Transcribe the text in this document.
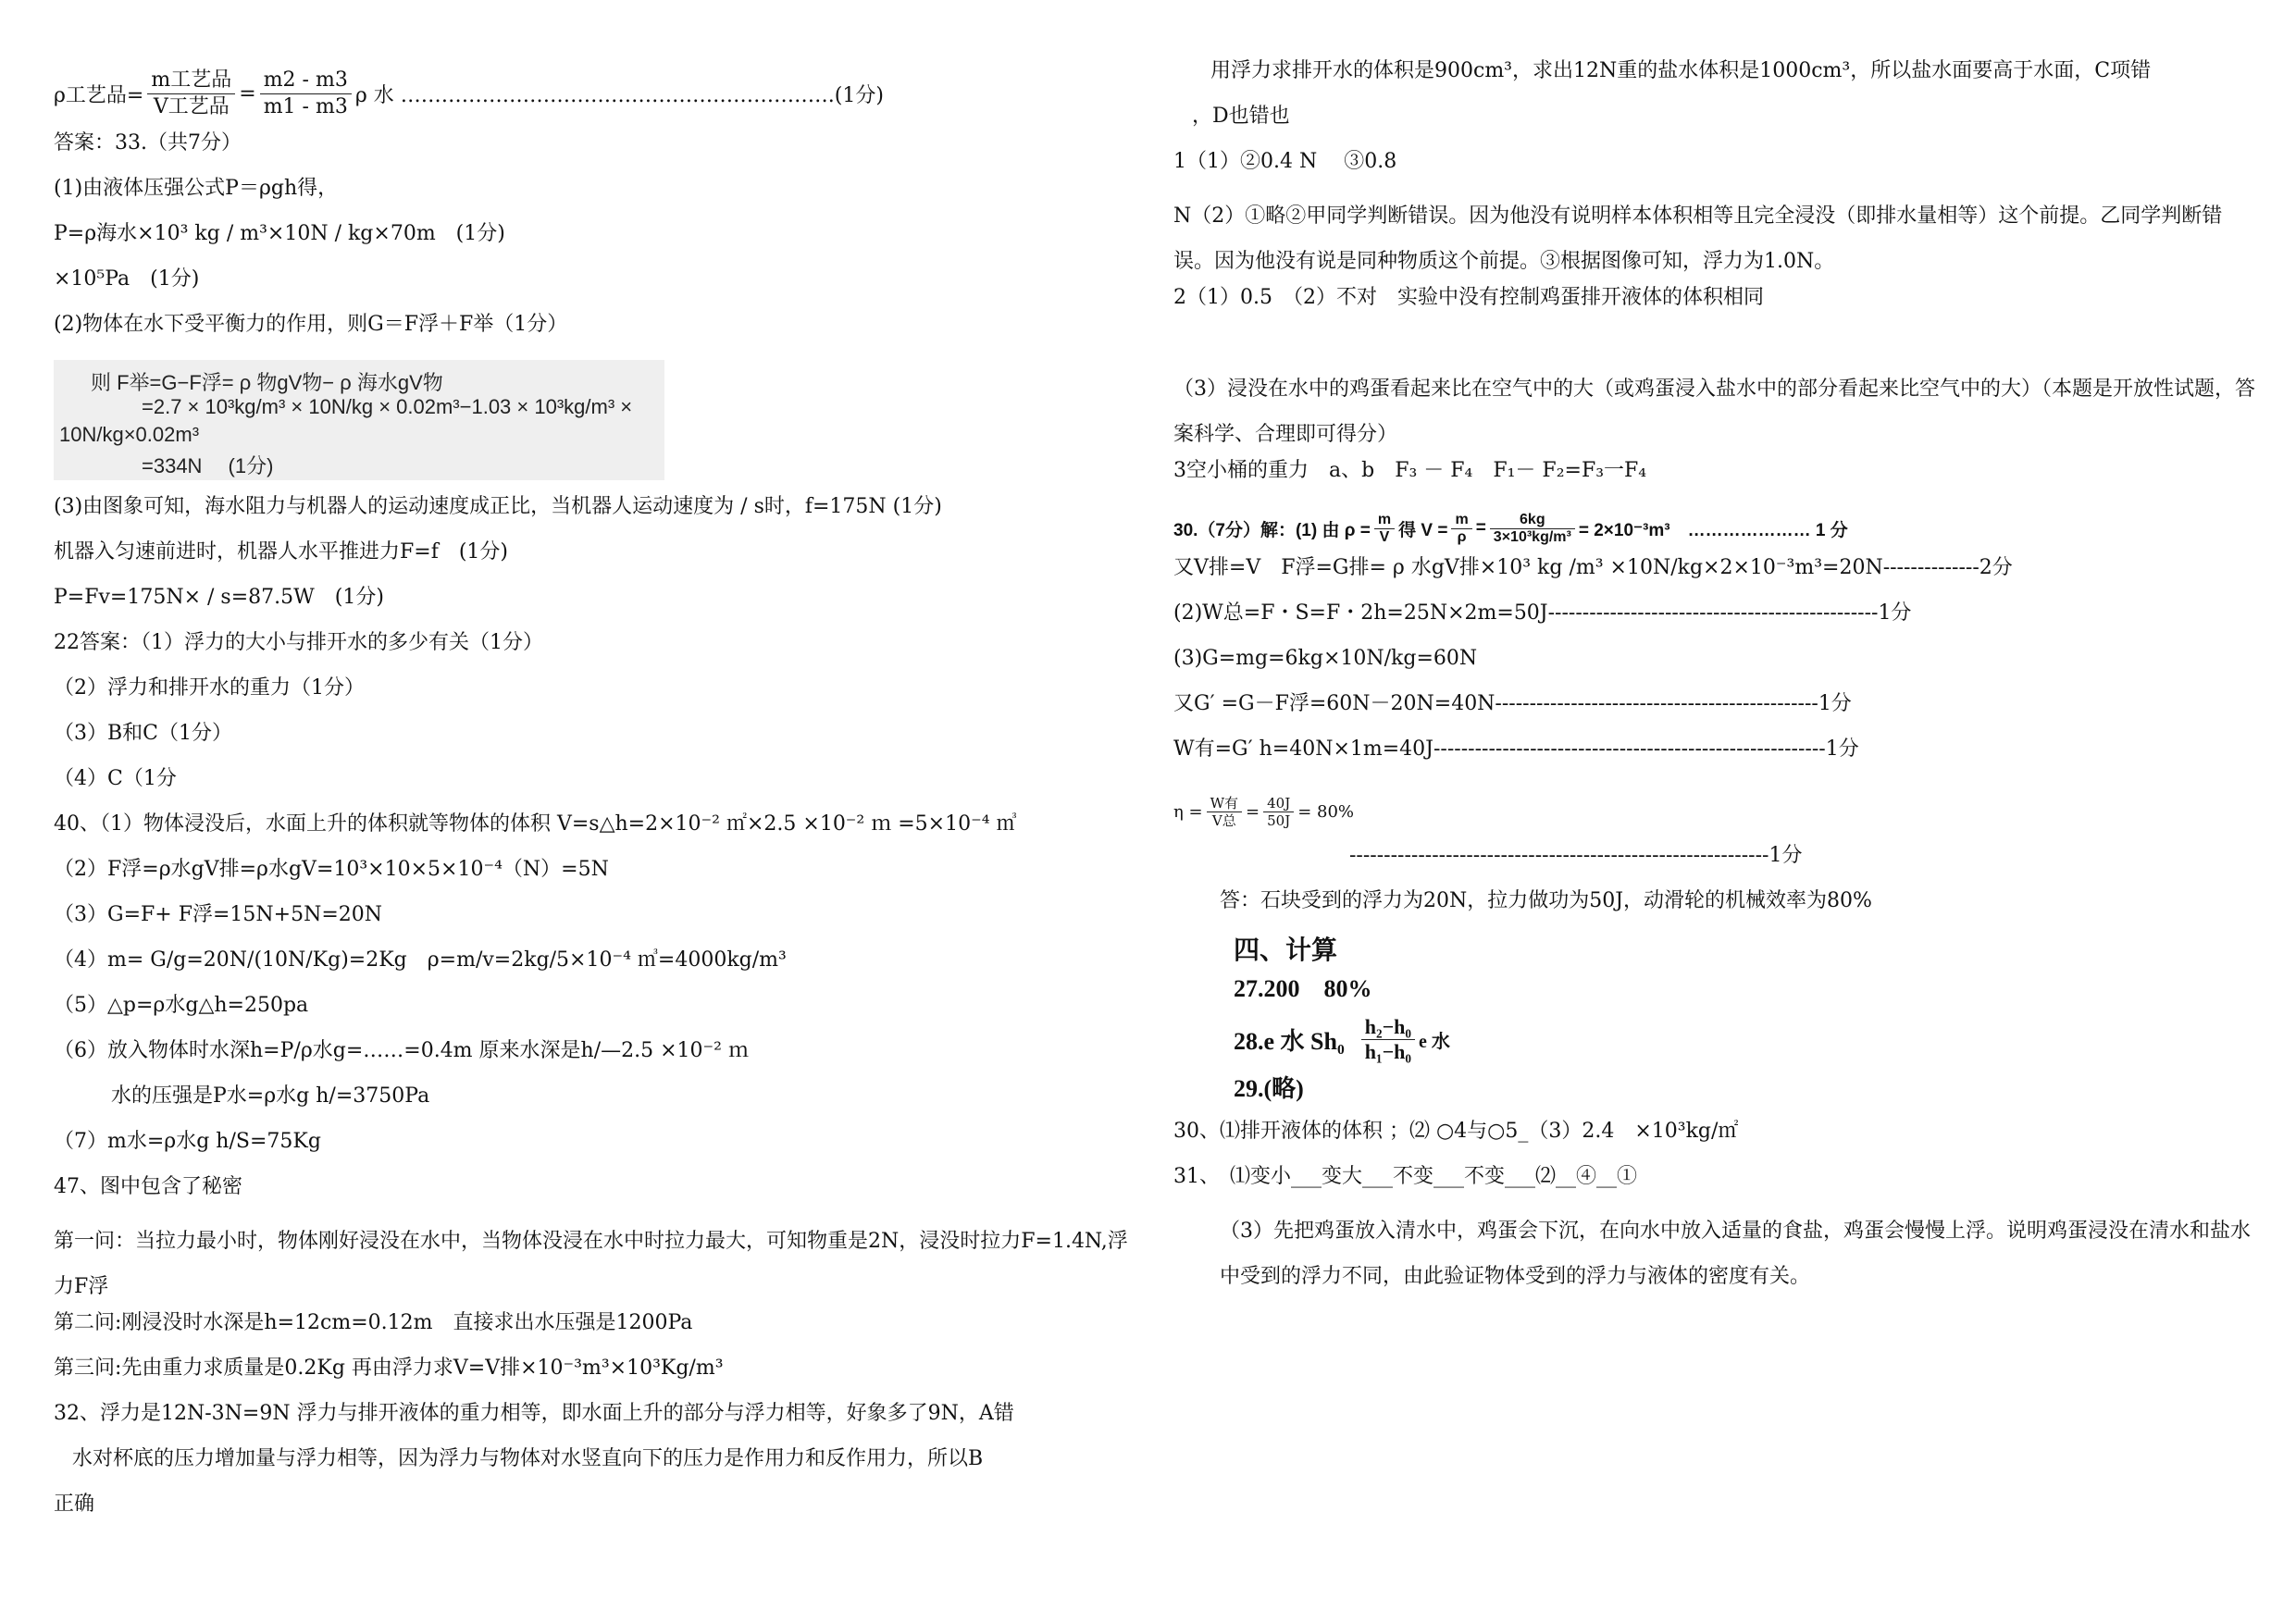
ρ工艺品= $\frac{\text{m工艺品}}{\text{V工艺品}} = \frac{m2 - m3}{m1 - m3}$ ρ 水 ……………………………………………………….(1分)
答案：33.（共7分）
(1)由液体压强公式P＝ρgh得，
P=ρ海水×10³ kg / m³×10N / kg×70m　(1分)
×10⁵Pa　(1分)
(2)物体在水下受平衡力的作用，则G＝F浮＋F举（1分）
则 F举=G−F浮= ρ 物gV物− ρ 海水gV物
=2.7 × 10³kg/m³ × 10N/kg × 0.02m³−1.03 × 10³kg/m³ ×
10N/kg×0.02m³
=334N　 (1分)
(3)由图象可知，海水阻力与机器人的运动速度成正比，当机器人运动速度为 / s时，f=175N (1分)
机器入匀速前进时，机器人水平推进力F=f　(1分)
P=Fv=175N× / s=87.5W　(1分)
22答案：（1）浮力的大小与排开水的多少有关（1分）
（2）浮力和排开水的重力（1分）
（3）B和C（1分）
（4）C（1分
40、（1）物体浸没后，水面上升的体积就等物体的体积 V=s△h=2×10⁻² ㎡×2.5 ×10⁻² ｍ =5×10⁻⁴ ㎥
（2）F浮=ρ水gV排=ρ水gV=10³×10×5×10⁻⁴（N）=5N
（3）G=F+ F浮=15N+5N=20N
（4）m= G/g=20N/(10N/Kg)=2Kg　ρ=m/v=2kg/5×10⁻⁴ ㎥=4000kg/m³
（5）△p=ρ水g△h=250pa
（6）放入物体时水深h=P/ρ水g=……=0.4m 原来水深是h/—2.5 ×10⁻² ｍ
水的压强是P水=ρ水g h/=3750Pa
（7）m水=ρ水g h/S=75Kg
47、图中包含了秘密
第一问：当拉力最小时，物体刚好浸没在水中，当物体没浸在水中时拉力最大，可知物重是2N，浸没时拉力F=1.4N,浮力F浮
第二问:刚浸没时水深是h=12cm=0.12m　直接求出水压强是1200Pa
第三问:先由重力求质量是0.2Kg 再由浮力求V=V排×10⁻³m³×10³Kg/m³
32、浮力是12N-3N=9N 浮力与排开液体的重力相等，即水面上升的部分与浮力相等，好象多了9N，A错
水对杯底的压力增加量与浮力相等，因为浮力与物体对水竖直向下的压力是作用力和反作用力，所以B
正确
用浮力求排开水的体积是900cm³，求出12N重的盐水体积是1000cm³，所以盐水面要高于水面，C项错
，D也错也
1（1）②0.4 N　 ③0.8
N（2）①略②甲同学判断错误。因为他没有说明样本体积相等且完全浸没（即排水量相等）这个前提。乙同学判断错误。因为他没有说是同种物质这个前提。③根据图像可知，浮力为1.0N。
2（1）0.5　（2）不对　实验中没有控制鸡蛋排开液体的体积相同
（3）浸没在水中的鸡蛋看起来比在空气中的大（或鸡蛋浸入盐水中的部分看起来比空气中的大）（本题是开放性试题，答案科学、合理即可得分）
3空小桶的重力　a、b　F₃ － F₄　F₁－ F₂=F₃一F₄
30.（7分）解：(1) 由 $\rho = \frac{m}{V}$ 得 $V = \frac{m}{\rho} = \frac{6kg}{\text{3×10³kg/m³}} = 2\times 10^{-3}m^3$　………………… 1 分
又V排=V　F浮=G排= ρ 水gV排×10³ kg /m³ ×10N/kg×2×10⁻³m³=20N--------------2分
(2)W总=F・S=F・2h=25N×2m=50J------------------------------------------------1分
(3)G=mg=6kg×10N/kg=60N
又G′ =G－F浮=60N－20N=40N-----------------------------------------------1分
W有=G′ h=40N×1m=40J---------------------------------------------------------1分
$\eta = \frac{\text{W有}}{\text{V总}} = \frac{40J}{50J} = 80\%$
-------------------------------------------------------------1分
答：石块受到的浮力为20N，拉力做功为50J，动滑轮的机械效率为80%
四、计算
27.200　80%
28.e 水 $Sh_0 \frac{\text{h₂−h₀}}{\text{h₁−h₀}}$ e 水
29.(略)
30、⑴排开液体的体积 ；⑵ ○4与○5_（3）2.4　×10³kg/㎡
31、　⑴变小___变大___不变___不变___⑵__④__①
（3）先把鸡蛋放入清水中，鸡蛋会下沉，在向水中放入适量的食盐，鸡蛋会慢慢上浮。说明鸡蛋浸没在清水和盐水中受到的浮力不同，由此验证物体受到的浮力与液体的密度有关。
